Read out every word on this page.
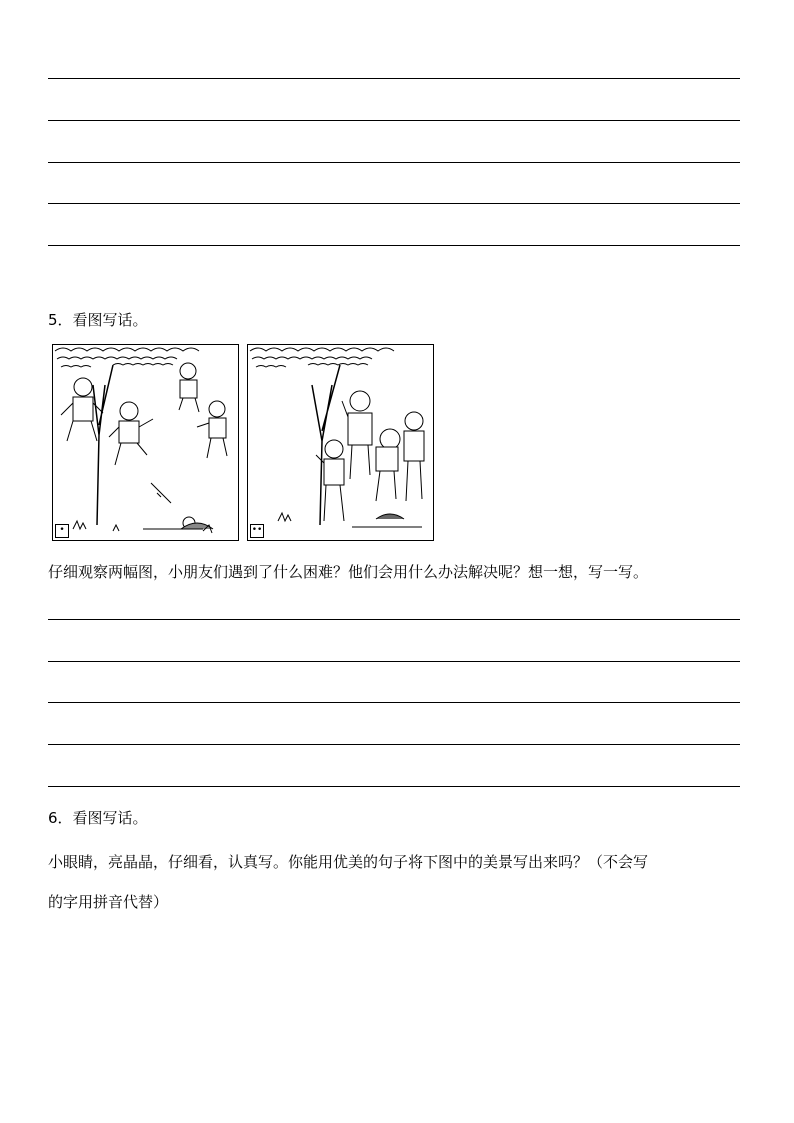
5．看图写话。
•	••
仔细观察两幅图，小朋友们遇到了什么困难？他们会用什么办法解决呢？想一想，写一写。
6．看图写话。
小眼睛，亮晶晶，仔细看，认真写。你能用优美的句子将下图中的美景写出来吗？（不会写
的字用拼音代替）
